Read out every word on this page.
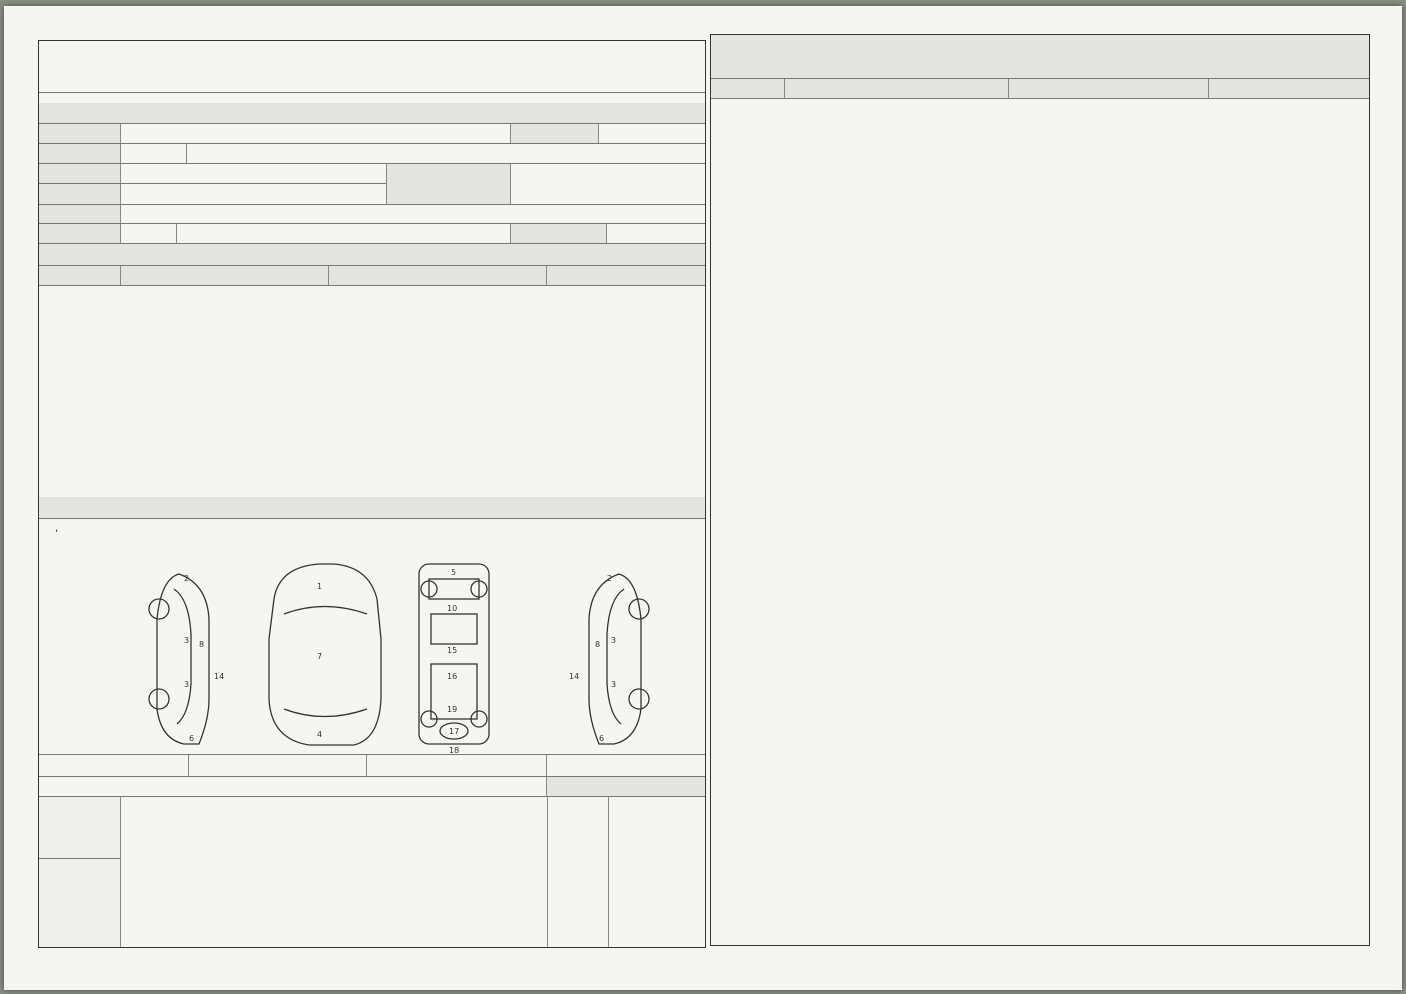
,
2
3
3
8
14
6
1
7
4
5
10
15
16
19
17
18
2
3
3
8
14
6
